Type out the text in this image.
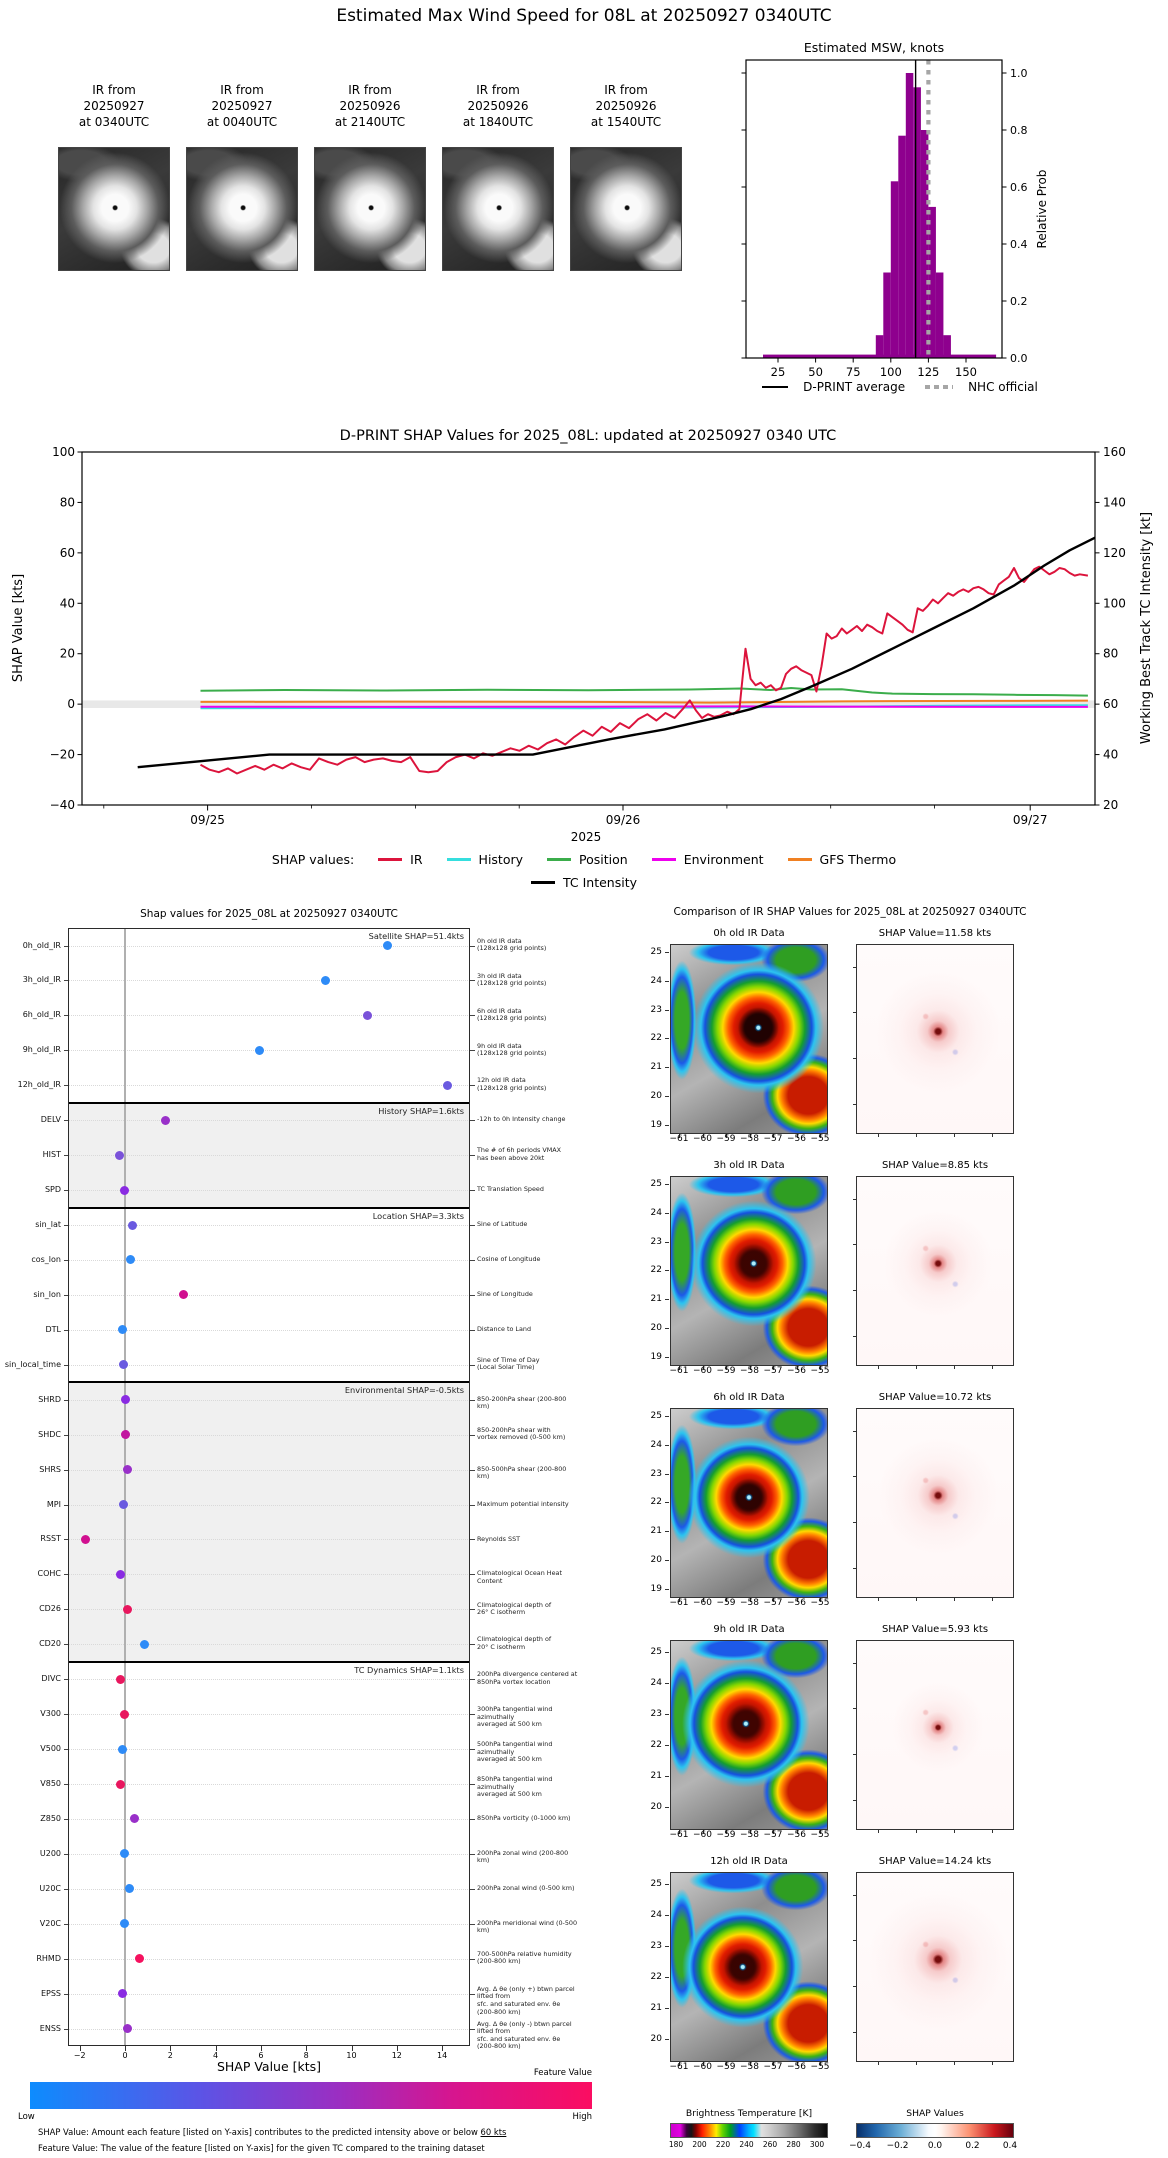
Estimated Max Wind Speed for 08L at 20250927 0340UTC
IR from
20250927
at 0340UTC
IR from
20250927
at 0040UTC
IR from
20250926
at 2140UTC
IR from
20250926
at 1840UTC
IR from
20250926
at 1540UTC
0.0
0.2
0.4
0.6
0.8
1.0
25 50 75 100 125 150
Estimated MSW, knots
Relative Prob
D-PRINT average	NHC official
−40
−20
0
20
40
60
80
100
20
40
60
80
100
120
140
160
09/25	09/26	09/27
2025
D-PRINT SHAP Values for 2025_08L: updated at 20250927 0340 UTC
SHAP Value [kts]	Working Best Track TC Intensity [kt]
SHAP values:	IR	History	Position	Environment	GFS Thermo
TC Intensity
Shap values for 2025_08L at 20250927 0340UTC
SHAP Value [kts]	Feature Value
Low	High
SHAP Value: Amount each feature [listed on Y-axis] contributes to the predicted intensity above or below 60 kts
Feature Value: The value of the feature [listed on Y-axis] for the given TC compared to the training dataset
0h_old_IR	0h old IR data
(128x128 grid points)
3h_old_IR	3h old IR data
(128x128 grid points)
6h_old_IR	6h old IR data
(128x128 grid points)
9h_old_IR	9h old IR data
(128x128 grid points)
12h_old_IR	12h old IR data
(128x128 grid points)
DELV	-12h to 0h Intensity change
HIST	The # of 6h periods VMAX
has been above 20kt
SPD	TC Translation Speed
sin_lat	Sine of Latitude
cos_lon	Cosine of Longitude
sin_lon	Sine of Longitude
DTL	Distance to Land
sin_local_time	Sine of Time of Day
(Local Solar Time)
SHRD	850-200hPa shear (200-800 km)
SHDC	850-200hPa shear with
vortex removed (0-500 km)
SHRS	850-500hPa shear (200-800 km)
MPI	Maximum potential intensity
RSST	Reynolds SST
COHC	Climatological Ocean Heat Content
CD26	Climatological depth of
26° C isotherm
CD20	Climatological depth of
20° C isotherm
DIVC	200hPa divergence centered at
850hPa vortex location
V300	300hPa tangential wind azimuthally
averaged at 500 km
V500	500hPa tangential wind azimuthally
averaged at 500 km
V850	850hPa tangential wind azimuthally
averaged at 500 km
Z850	850hPa vorticity (0-1000 km)
U200	200hPa zonal wind (200-800 km)
U20C	200hPa zonal wind (0-500 km)
V20C	200hPa meridional wind (0-500 km)
RHMD	700-500hPa relative humidity
(200-800 km)
EPSS	Avg. Δ θe (only +) btwn parcel lifted from
sfc. and saturated env. θe (200-800 km)
ENSS	Avg. Δ θe (only -) btwn parcel lifted from
sfc. and saturated env. θe (200-800 km)
Satellite SHAP=51.4kts
History SHAP=1.6kts
Location SHAP=3.3kts
Environmental SHAP=-0.5kts
TC Dynamics SHAP=1.1kts
−2	0	2	4	6	8	10	12	14
Comparison of IR SHAP Values for 2025_08L at 20250927 0340UTC
Brightness Temperature [K]	SHAP Values
0h old IR Data	SHAP Value=11.58 kts
25
24
23
22
21
20
19
−61 −60 −59 −58 −57 −56 −55
3h old IR Data	SHAP Value=8.85 kts
25
24
23
22
21
20
19
−61 −60 −59 −58 −57 −56 −55
6h old IR Data	SHAP Value=10.72 kts
25
24
23
22
21
20
19
−61 −60 −59 −58 −57 −56 −55
9h old IR Data	SHAP Value=5.93 kts
25
24
23
22
21
20
−61 −60 −59 −58 −57 −56 −55
12h old IR Data	SHAP Value=14.24 kts
25
24
23
22
21
20
−61 −60 −59 −58 −57 −56 −55
180	200	220	240	260	280	300	−0.4	−0.2	0.0	0.2	0.4
